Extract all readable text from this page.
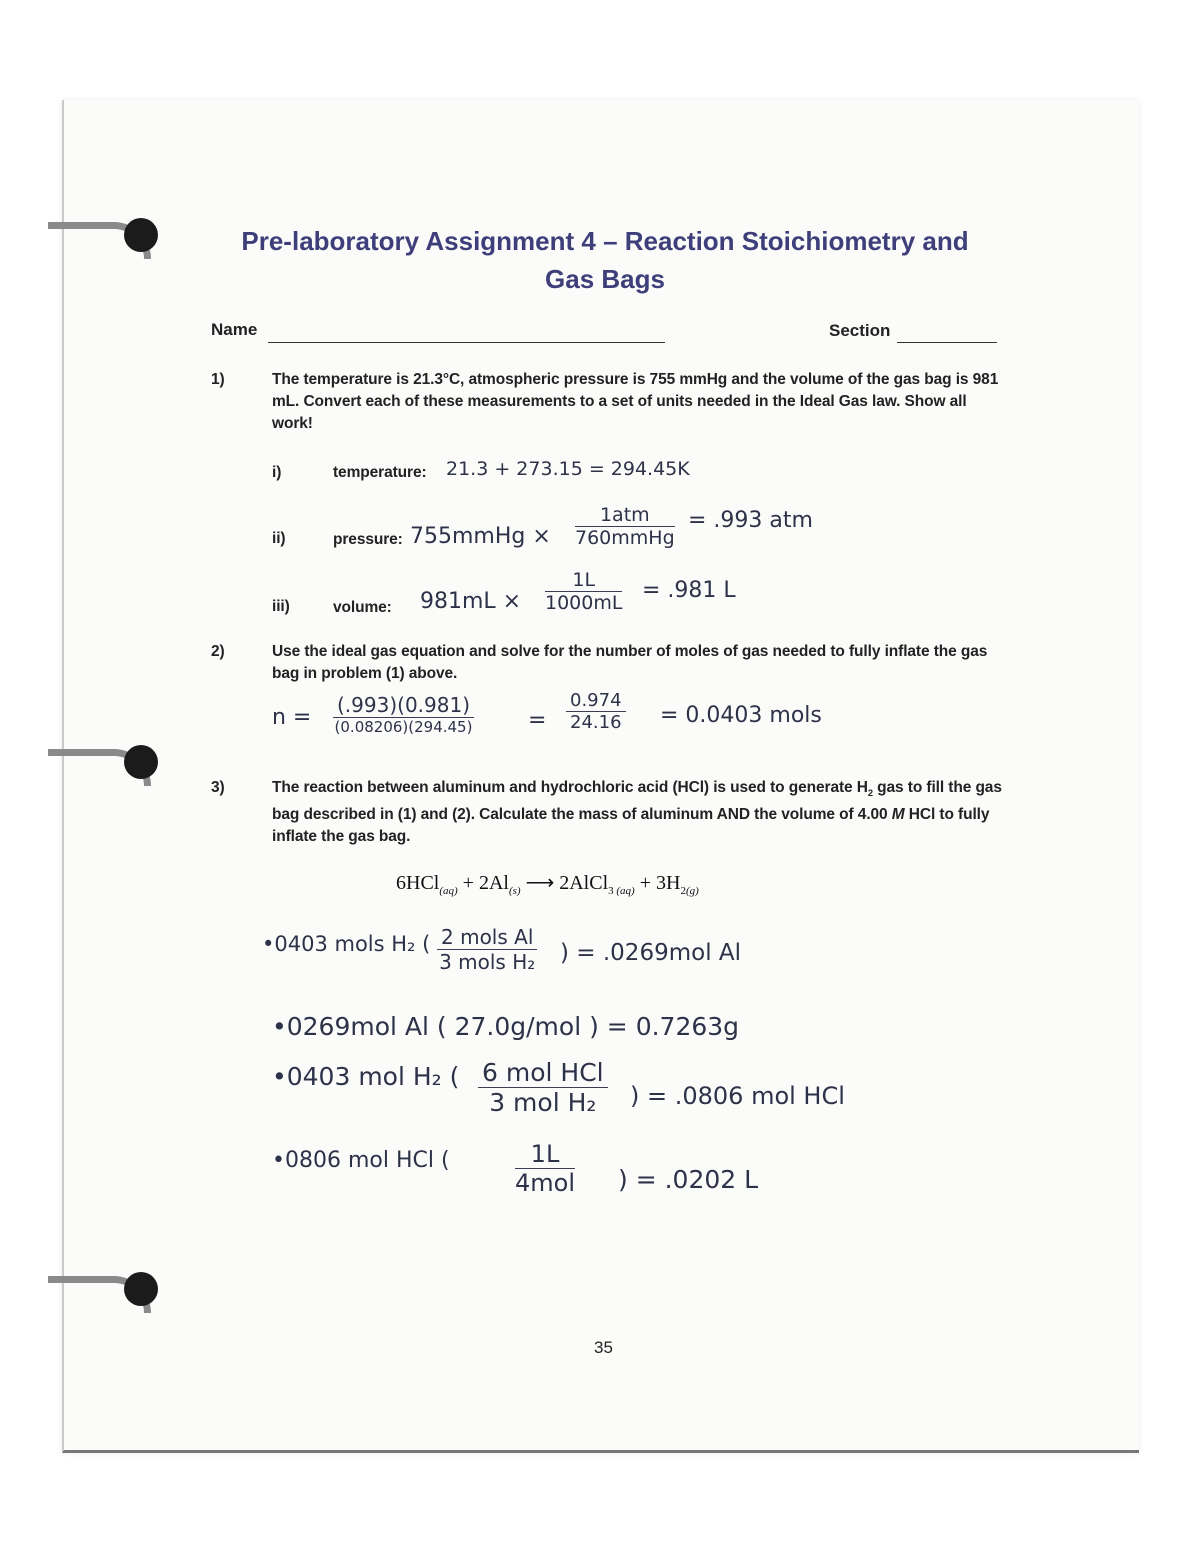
Pre-laboratory Assignment 4 – Reaction Stoichiometry and
Gas Bags
Name	Section
1)	The temperature is 21.3°C, atmospheric pressure is 755 mmHg and the volume of the gas bag is 981 mL. Convert each of these measurements to a set of units needed in the Ideal Gas law. Show all work!
i)	temperature: 21.3 + 273.15 = 294.45K
ii)	pressure: 755mmHg ×
1atm
760mmHg
= .993 atm
iii)	volume: $981mL \times \frac{1L}{1000mL} = .981$ L
2)	Use the ideal gas equation and solve for the number of moles of gas needed to fully inflate the gas bag in problem (1) above.
n = (.993)(0.981)
(0.08206)(294.45)	= $\frac{0.974}{24.16} = 0.0403$ mols
3)	The reaction between aluminum and hydrochloric acid (HCl) is used to generate $H_2$ gas to fill the gas bag described in (1) and (2). Calculate the mass of aluminum AND the volume of 4.00 M HCl to fully inflate the gas bag.
$6HCl_{(aq)} + 2Al_{(s)}$ ⟶ 2AlCl$_3$ $_{(aq)} + 3H_{2(g)}$
•0403 mols H₂ ( 2 mols Al
3 mols H₂ ) = .0269mol Al
•0269mol Al ( 27.0g/mol ) = 0.7263g
•0403 mol H₂ ( 6 mol HCl
3 mol H₂	) = .0806 mol HCl
•0806 mol HCl (	1L
4mol ) = .0202 L
35
